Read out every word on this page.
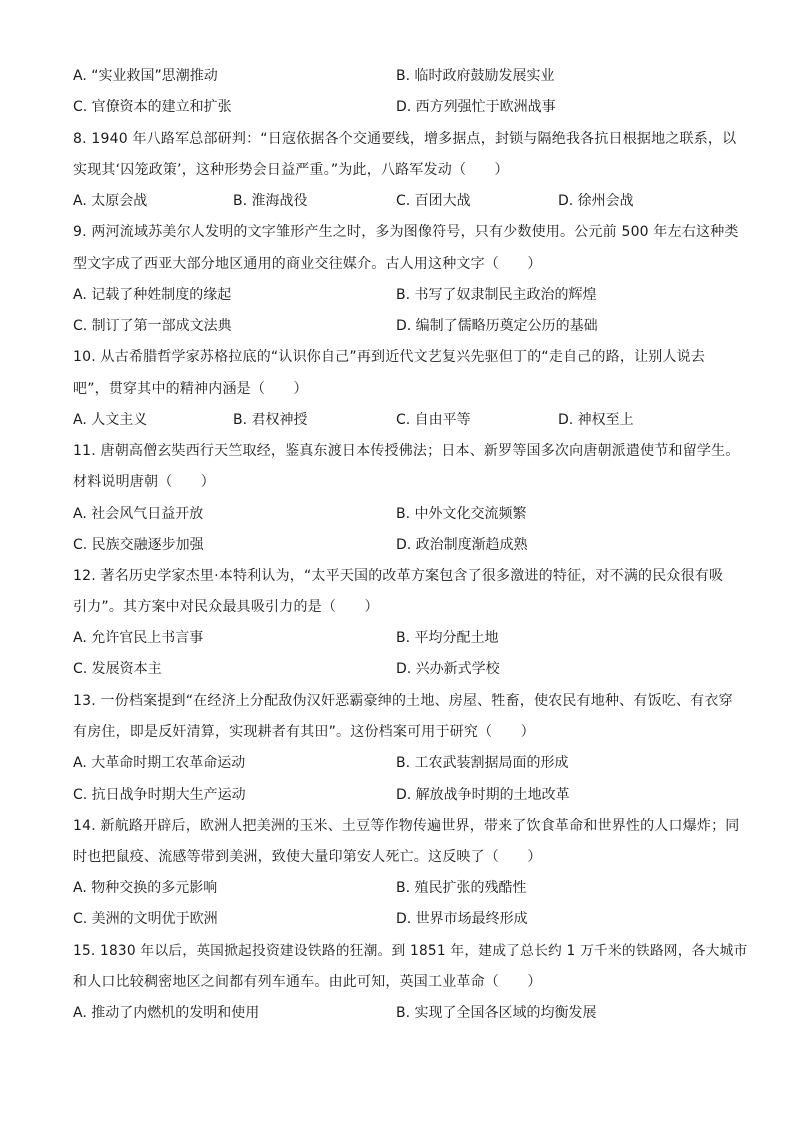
A. “实业救国”思潮推动	B. 临时政府鼓励发展实业
C. 官僚资本的建立和扩张	D. 西方列强忙于欧洲战事
8. 1940 年八路军总部研判：“日寇依据各个交通要线，增多据点，封锁与隔绝我各抗日根据地之联系，以
实现其‘囚笼政策’，这种形势会日益严重。”为此，八路军发动（　　）
A. 太原会战	B. 淮海战役	C. 百团大战	D. 徐州会战
9. 两河流域苏美尔人发明的文字雏形产生之时，多为图像符号，只有少数使用。公元前 500 年左右这种类
型文字成了西亚大部分地区通用的商业交往媒介。古人用这种文字（　　）
A. 记载了种姓制度的缘起	B. 书写了奴隶制民主政治的辉煌
C. 制订了第一部成文法典	D. 编制了儒略历奠定公历的基础
10. 从古希腊哲学家苏格拉底的“认识你自己”再到近代文艺复兴先驱但丁的“走自己的路，让别人说去
吧”，贯穿其中的精神内涵是（　　）
A. 人文主义	B. 君权神授	C. 自由平等	D. 神权至上
11. 唐朝高僧玄奘西行天竺取经，鉴真东渡日本传授佛法；日本、新罗等国多次向唐朝派遣使节和留学生。
材料说明唐朝（　　）
A. 社会风气日益开放	B. 中外文化交流频繁
C. 民族交融逐步加强	D. 政治制度渐趋成熟
12. 著名历史学家杰里·本特利认为，“太平天国的改革方案包含了很多激进的特征，对不满的民众很有吸
引力”。其方案中对民众最具吸引力的是（　　）
A. 允许官民上书言事	B. 平均分配土地
C. 发展资本主	D. 兴办新式学校
13. 一份档案提到“在经济上分配敌伪汉奸恶霸豪绅的土地、房屋、牲畜，使农民有地种、有饭吃、有衣穿
有房住，即是反奸清算，实现耕者有其田”。这份档案可用于研究（　　）
A. 大革命时期工农革命运动	B. 工农武装割据局面的形成
C. 抗日战争时期大生产运动	D. 解放战争时期的土地改革
14. 新航路开辟后，欧洲人把美洲的玉米、土豆等作物传遍世界，带来了饮食革命和世界性的人口爆炸；同
时也把鼠疫、流感等带到美洲，致使大量印第安人死亡。这反映了（　　）
A. 物种交换的多元影响	B. 殖民扩张的残酷性
C. 美洲的文明优于欧洲	D. 世界市场最终形成
15. 1830 年以后，英国掀起投资建设铁路的狂潮。到 1851 年，建成了总长约 1 万千米的铁路网，各大城市
和人口比较稠密地区之间都有列车通车。由此可知，英国工业革命（　　）
A. 推动了内燃机的发明和使用	B. 实现了全国各区域的均衡发展
